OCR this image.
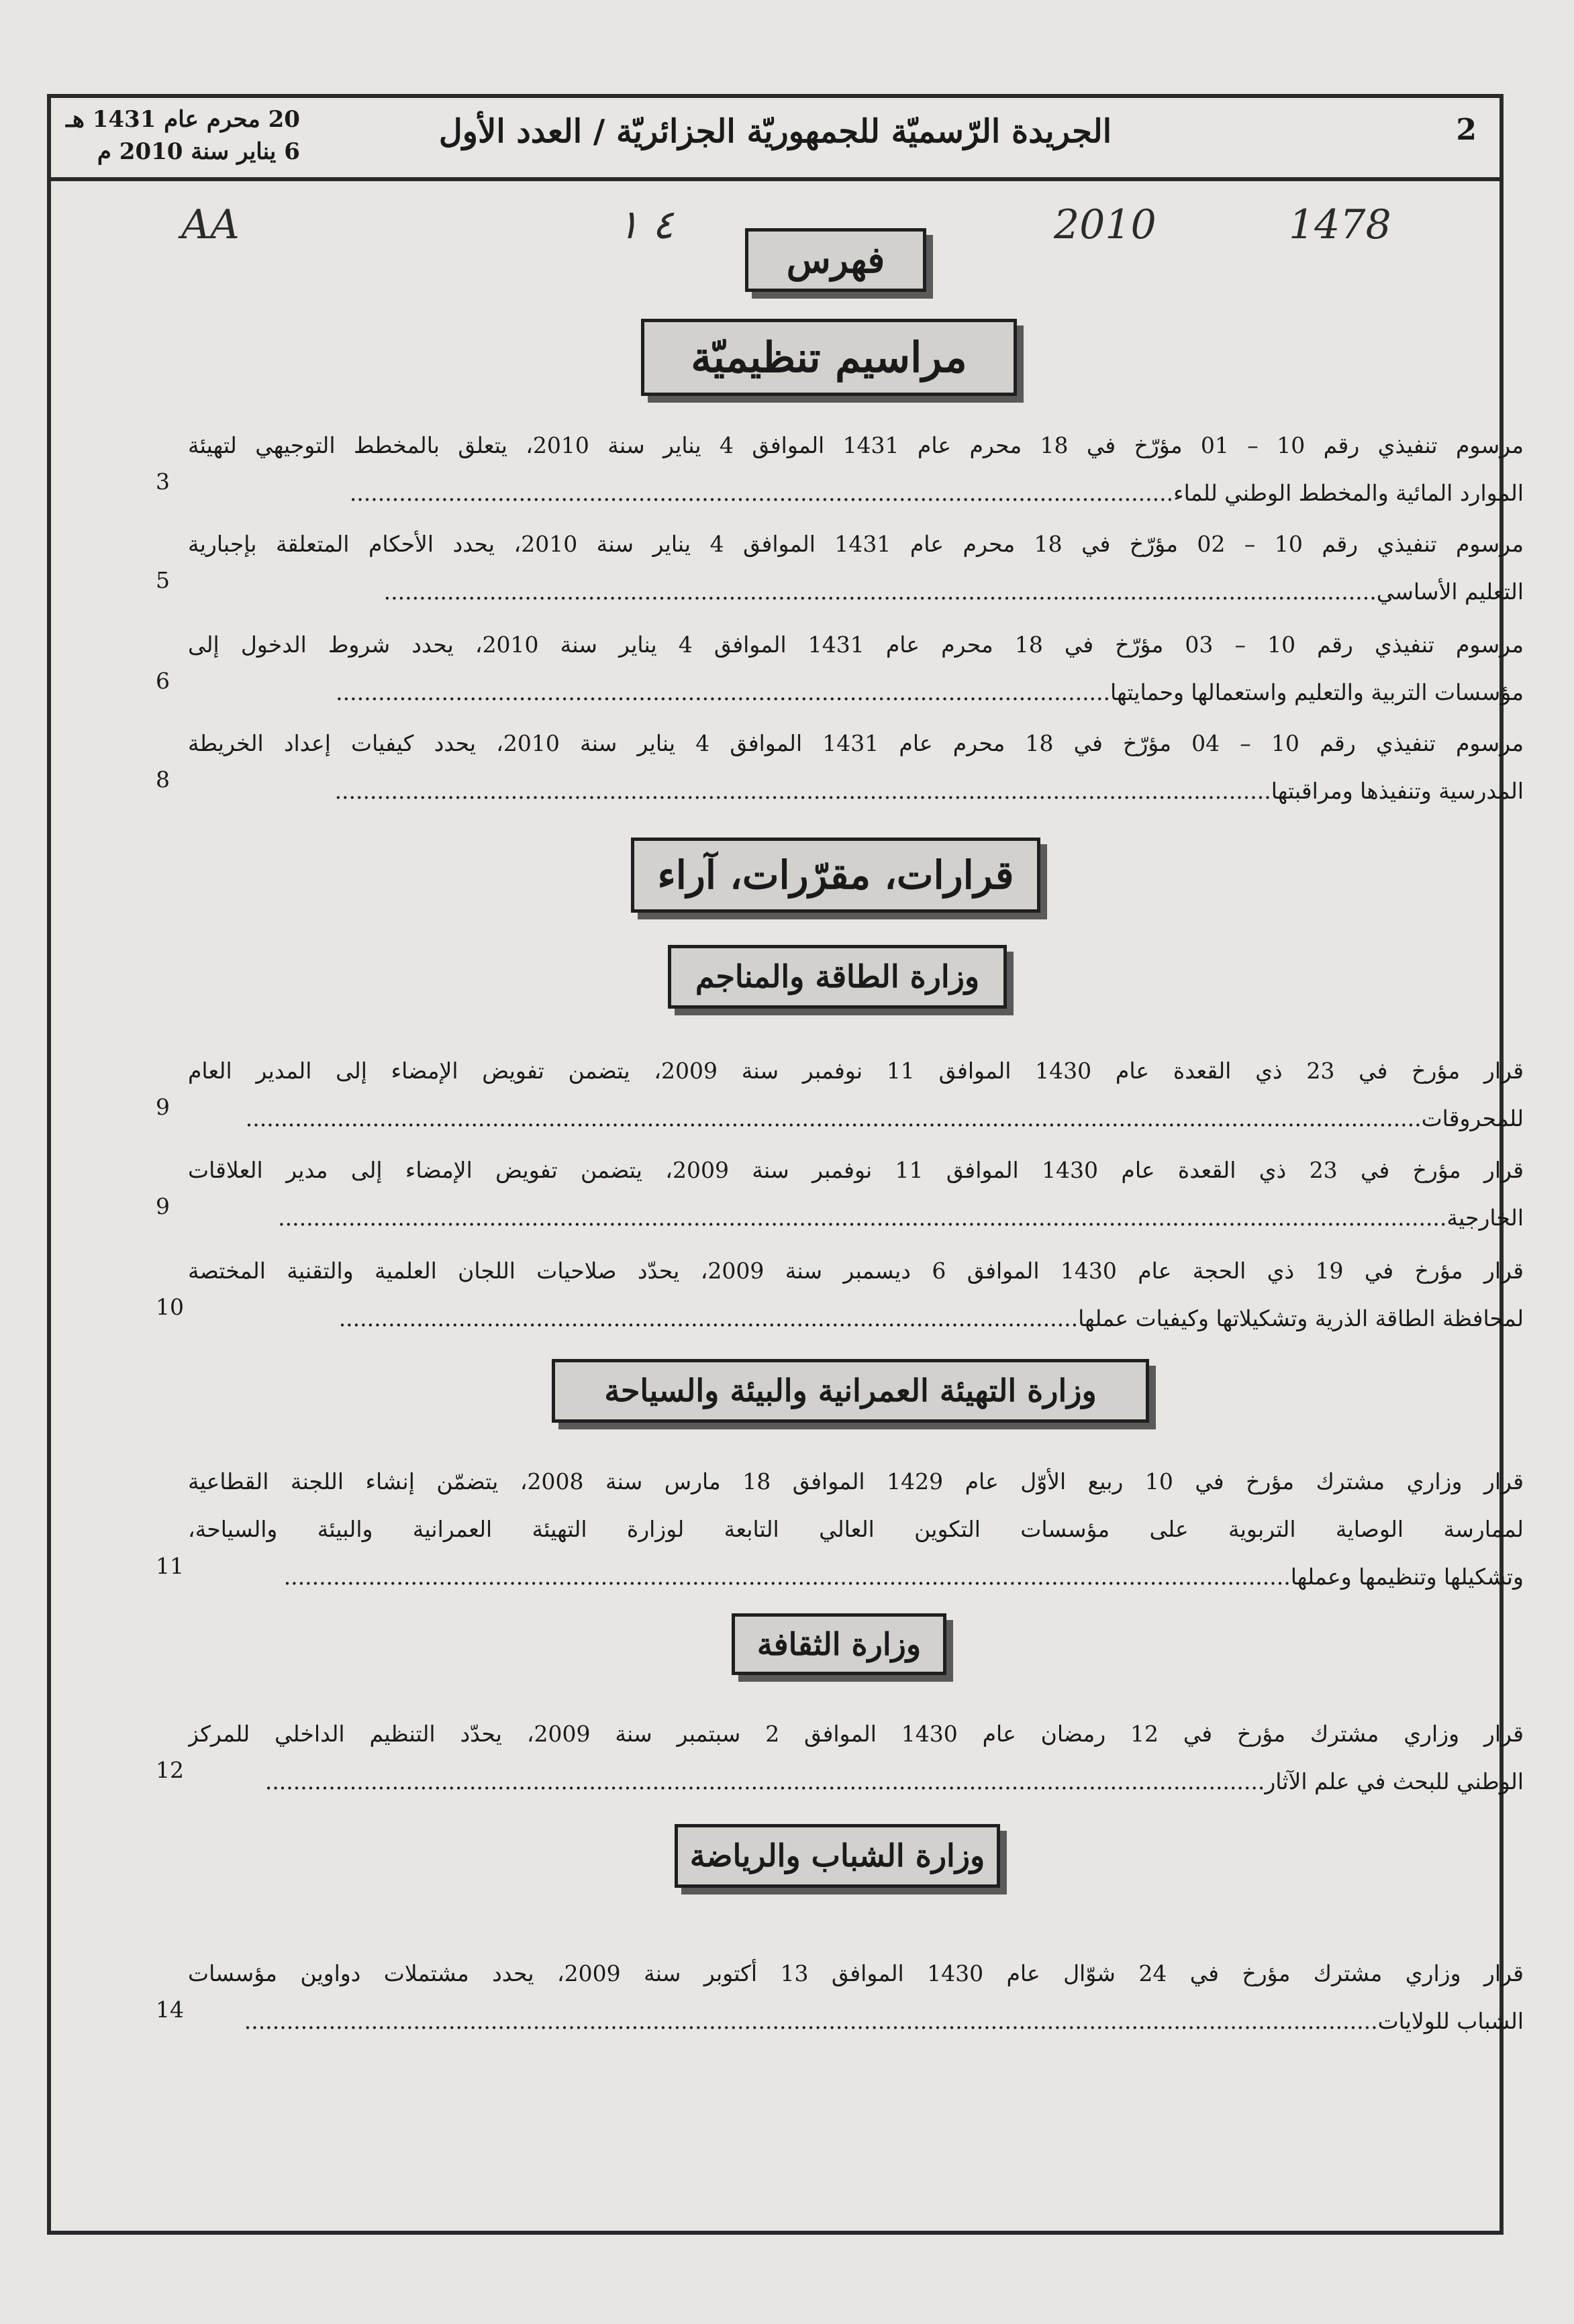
2
الجريدة الرّسميّة للجمهوريّة الجزائريّة / العدد الأول
20 محرم عام 1431 هـ
6 يناير سنة 2010 م
1478
2010
٤ ١
AA
فهرس
مراسيم تنظيميّة
مرسوم تنفيذي رقم 10 – 01 مؤرّخ في 18 محرم عام 1431 الموافق 4 يناير سنة 2010، يتعلق بالمخطط التوجيهي لتهيئة
الموارد المائية والمخطط الوطني للماء.....................................................................................................................
3
مرسوم تنفيذي رقم 10 – 02 مؤرّخ في 18 محرم عام 1431 الموافق 4 يناير سنة 2010، يحدد الأحكام المتعلقة بإجبارية
التعليم الأساسي.............................................................................................................................................
5
مرسوم تنفيذي رقم 10 – 03 مؤرّخ في 18 محرم عام 1431 الموافق 4 يناير سنة 2010، يحدد شروط الدخول إلى
مؤسسات التربية والتعليم واستعمالها وحمايتها..............................................................................................................
6
مرسوم تنفيذي رقم 10 – 04 مؤرّخ في 18 محرم عام 1431 الموافق 4 يناير سنة 2010، يحدد كيفيات إعداد الخريطة
المدرسية وتنفيذها ومراقبتها.....................................................................................................................................
8
قرارات، مقرّرات، آراء
وزارة الطاقة والمناجم
قرار مؤرخ في 23 ذي القعدة عام 1430 الموافق 11 نوفمبر سنة 2009، يتضمن تفويض الإمضاء إلى المدير العام
للمحروقات.......................................................................................................................................................................
9
قرار مؤرخ في 23 ذي القعدة عام 1430 الموافق 11 نوفمبر سنة 2009، يتضمن تفويض الإمضاء إلى مدير العلاقات
الخارجية......................................................................................................................................................................
9
قرار مؤرخ في 19 ذي الحجة عام 1430 الموافق 6 ديسمبر سنة 2009، يحدّد صلاحيات اللجان العلمية والتقنية المختصة
لمحافظة الطاقة الذرية وتشكيلاتها وكيفيات عملها.........................................................................................................
10
وزارة التهيئة العمرانية والبيئة والسياحة
قرار وزاري مشترك مؤرخ في 10 ربيع الأوّل عام 1429 الموافق 18 مارس سنة 2008، يتضمّن إنشاء اللجنة القطاعية
لممارسة الوصاية التربوية على مؤسسات التكوين العالي التابعة لوزارة التهيئة العمرانية والبيئة والسياحة،
وتشكيلها وتنظيمها وعملها...............................................................................................................................................
11
وزارة الثقافة
قرار وزاري مشترك مؤرخ في 12 رمضان عام 1430 الموافق 2 سبتمبر سنة 2009، يحدّد التنظيم الداخلي للمركز
الوطني للبحث في علم الآثار..............................................................................................................................................
12
وزارة الشباب والرياضة
قرار وزاري مشترك مؤرخ في 24 شوّال عام 1430 الموافق 13 أكتوبر سنة 2009، يحدد مشتملات دواوين مؤسسات
الشباب للولايات.................................................................................................................................................................
14
